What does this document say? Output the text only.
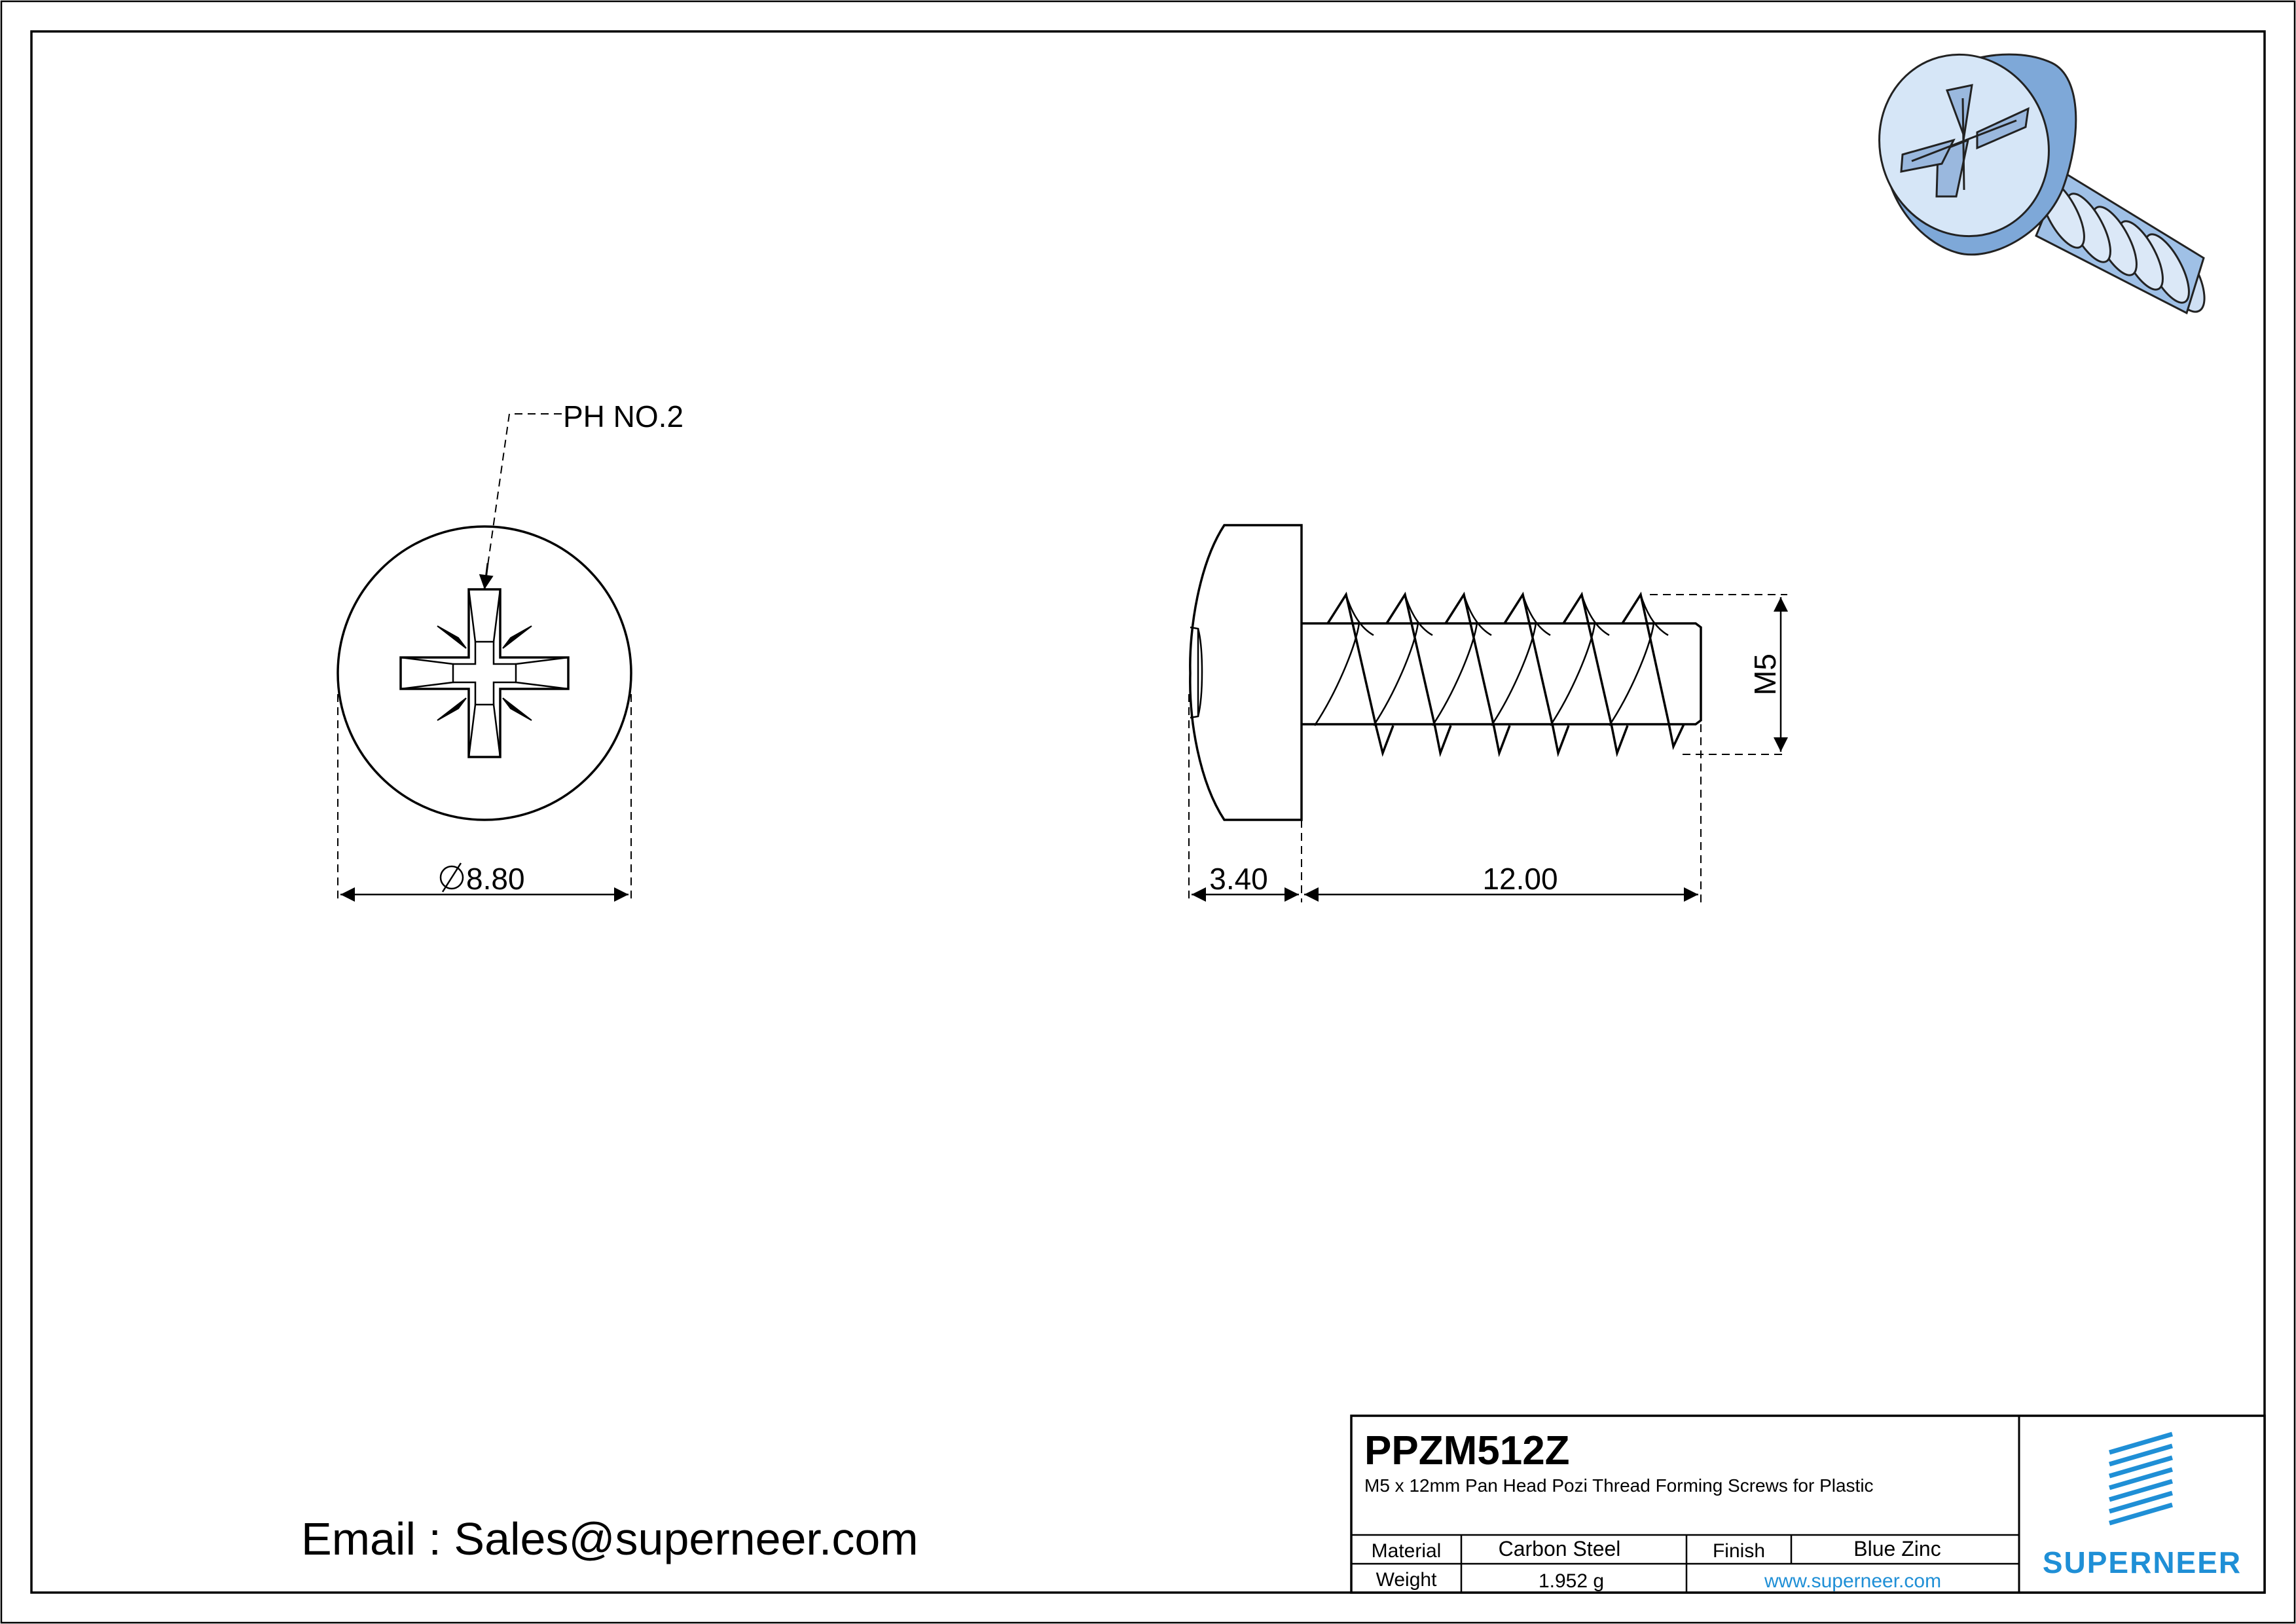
PH NO.2
8.80
M5
3.40	12.00
Email : Sales@superneer.com
PPZM512Z
M5 x 12mm Pan Head Pozi Thread Forming Screws for Plastic
Material	Carbon Steel	Finish	Blue Zinc
Weight	1.952 g	www.superneer.com
SUPERNEER
